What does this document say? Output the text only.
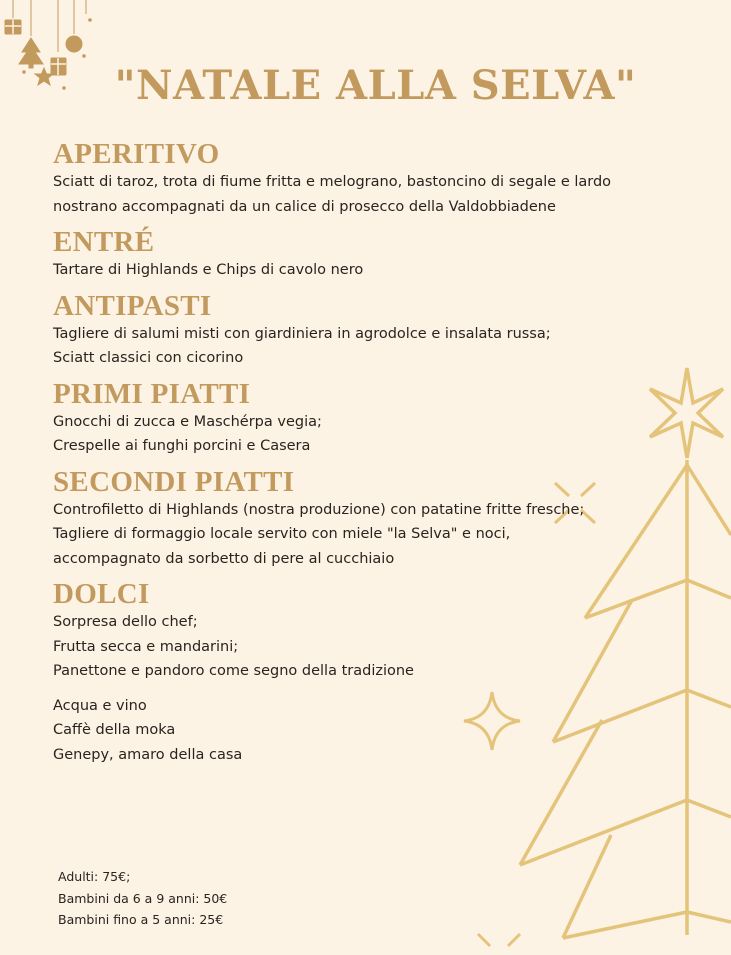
"NATALE ALLA SELVA"
APERITIVO
Sciatt di taroz, trota di fiume fritta e melograno, bastoncino di segale e lardo
nostrano accompagnati da un calice di prosecco della Valdobbiadene
ENTRÉ
Tartare di Highlands e Chips di cavolo nero
ANTIPASTI
Tagliere di salumi misti con giardiniera in agrodolce e insalata russa;
Sciatt classici con cicorino
PRIMI PIATTI
Gnocchi di zucca e Maschérpa vegia;
Crespelle ai funghi porcini e Casera
SECONDI PIATTI
Controfiletto di Highlands (nostra produzione) con patatine fritte fresche;
Tagliere di formaggio locale servito con miele "la Selva" e noci,
accompagnato da sorbetto di pere al cucchiaio
DOLCI
Sorpresa dello chef;
Frutta secca e mandarini;
Panettone e pandoro come segno della tradizione
Acqua e vino
Caffè della moka
Genepy, amaro della casa
Adulti: 75€;
Bambini da 6 a 9 anni: 50€
Bambini fino a 5 anni: 25€
